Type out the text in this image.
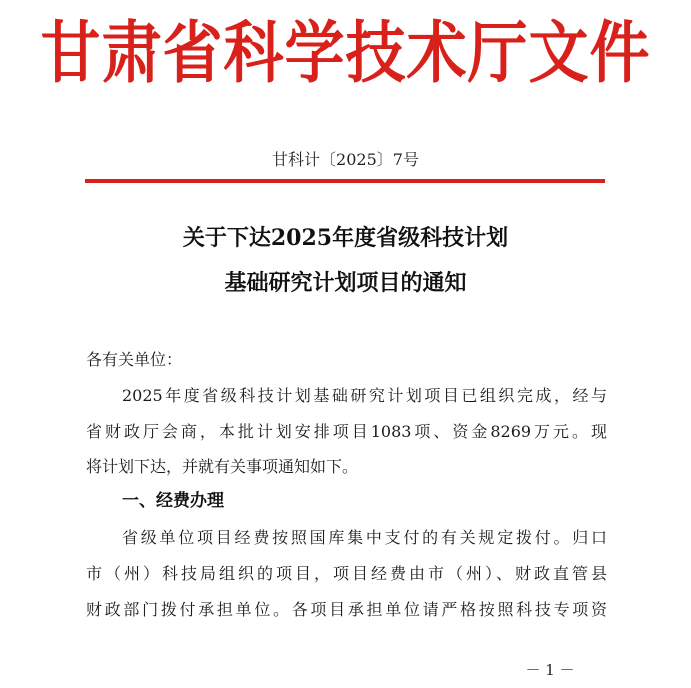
甘肃省科学技术厅文件
甘科计〔2025〕7号
关于下达2025年度省级科技计划
基础研究计划项目的通知
各有关单位：
2025年度省级科技计划基础研究计划项目已组织完成，经与
省财政厅会商，本批计划安排项目1083项、资金8269万元。现
将计划下达，并就有关事项通知如下。
一、经费办理
省级单位项目经费按照国库集中支付的有关规定拨付。归口
市（州）科技局组织的项目，项目经费由市（州）、财政直管县
财政部门拨付承担单位。各项目承担单位请严格按照科技专项资
－ 1 －
